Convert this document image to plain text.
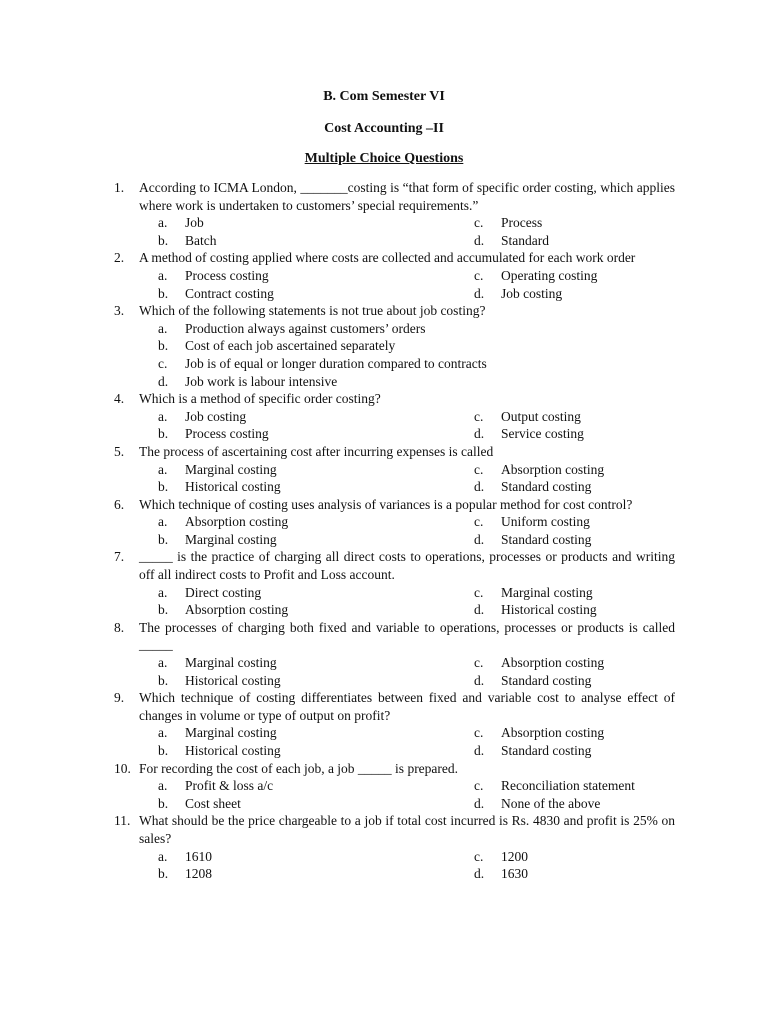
B. Com Semester VI

Cost Accounting –II

Multiple Choice Questions

1. According to ICMA London, _______costing is “that form of specific order costing, which applies where work is undertaken to customers’ special requirements.”
a. Job	c. Process
b. Batch	d. Standard
2. A method of costing applied where costs are collected and accumulated for each work order
a. Process costing	c. Operating costing
b. Contract costing	d. Job costing
3. Which of the following statements is not true about job costing?
a. Production always against customers’ orders
b. Cost of each job ascertained separately
c. Job is of equal or longer duration compared to contracts
d. Job work is labour intensive
4. Which is a method of specific order costing?
a. Job costing	c. Output costing
b. Process costing	d. Service costing
5. The process of ascertaining cost after incurring expenses is called
a. Marginal costing	c. Absorption costing
b. Historical costing	d. Standard costing
6. Which technique of costing uses analysis of variances is a popular method for cost control?
a. Absorption costing	c. Uniform costing
b. Marginal costing	d. Standard costing
7. _____ is the practice of charging all direct costs to operations, processes or products and writing off all indirect costs to Profit and Loss account.
a. Direct costing	c. Marginal costing
b. Absorption costing	d. Historical costing
8. The processes of charging both fixed and variable to operations, processes or products is called _____
a. Marginal costing	c. Absorption costing
b. Historical costing	d. Standard costing
9. Which technique of costing differentiates between fixed and variable cost to analyse effect of changes in volume or type of output on profit?
a. Marginal costing	c. Absorption costing
b. Historical costing	d. Standard costing
10. For recording the cost of each job, a job _____ is prepared.
a. Profit & loss a/c	c. Reconciliation statement
b. Cost sheet	d. None of the above
11. What should be the price chargeable to a job if total cost incurred is Rs. 4830 and profit is 25% on sales?
a. 1610	c. 1200
b. 1208	d. 1630
